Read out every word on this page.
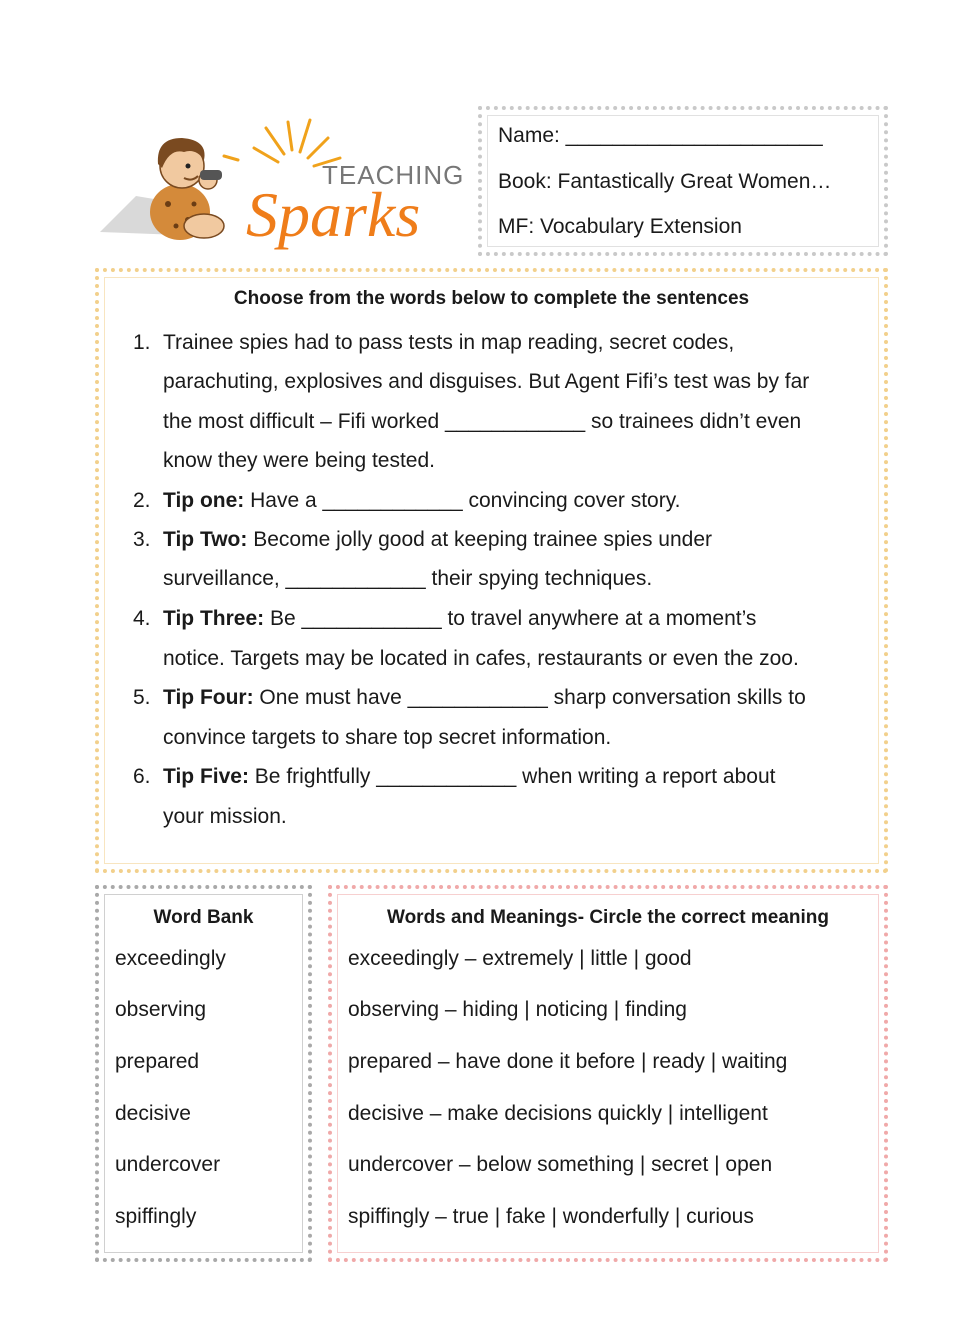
TEACHING
Sparks
Name: ______________________
Book: Fantastically Great Women…
MF: Vocabulary Extension
Choose from the words below to complete the sentences
1. Trainee spies had to pass tests in map reading, secret codes,
parachuting, explosives and disguises. But Agent Fifi’s test was by far
the most difficult – Fifi worked ____________ so trainees didn’t even
know they were being tested.
2. Tip one: Have a ____________ convincing cover story.
3. Tip Two: Become jolly good at keeping trainee spies under
surveillance, ____________ their spying techniques.
4. Tip Three: Be ____________ to travel anywhere at a moment’s
notice. Targets may be located in cafes, restaurants or even the zoo.
5. Tip Four: One must have ____________ sharp conversation skills to
convince targets to share top secret information.
6. Tip Five: Be frightfully ____________ when writing a report about
your mission.
Word Bank
exceedingly
observing
prepared
decisive
undercover
spiffingly
Words and Meanings- Circle the correct meaning
exceedingly – extremely | little | good
observing – hiding | noticing | finding
prepared – have done it before | ready | waiting
decisive – make decisions quickly | intelligent
undercover – below something | secret | open
spiffingly – true | fake | wonderfully | curious
